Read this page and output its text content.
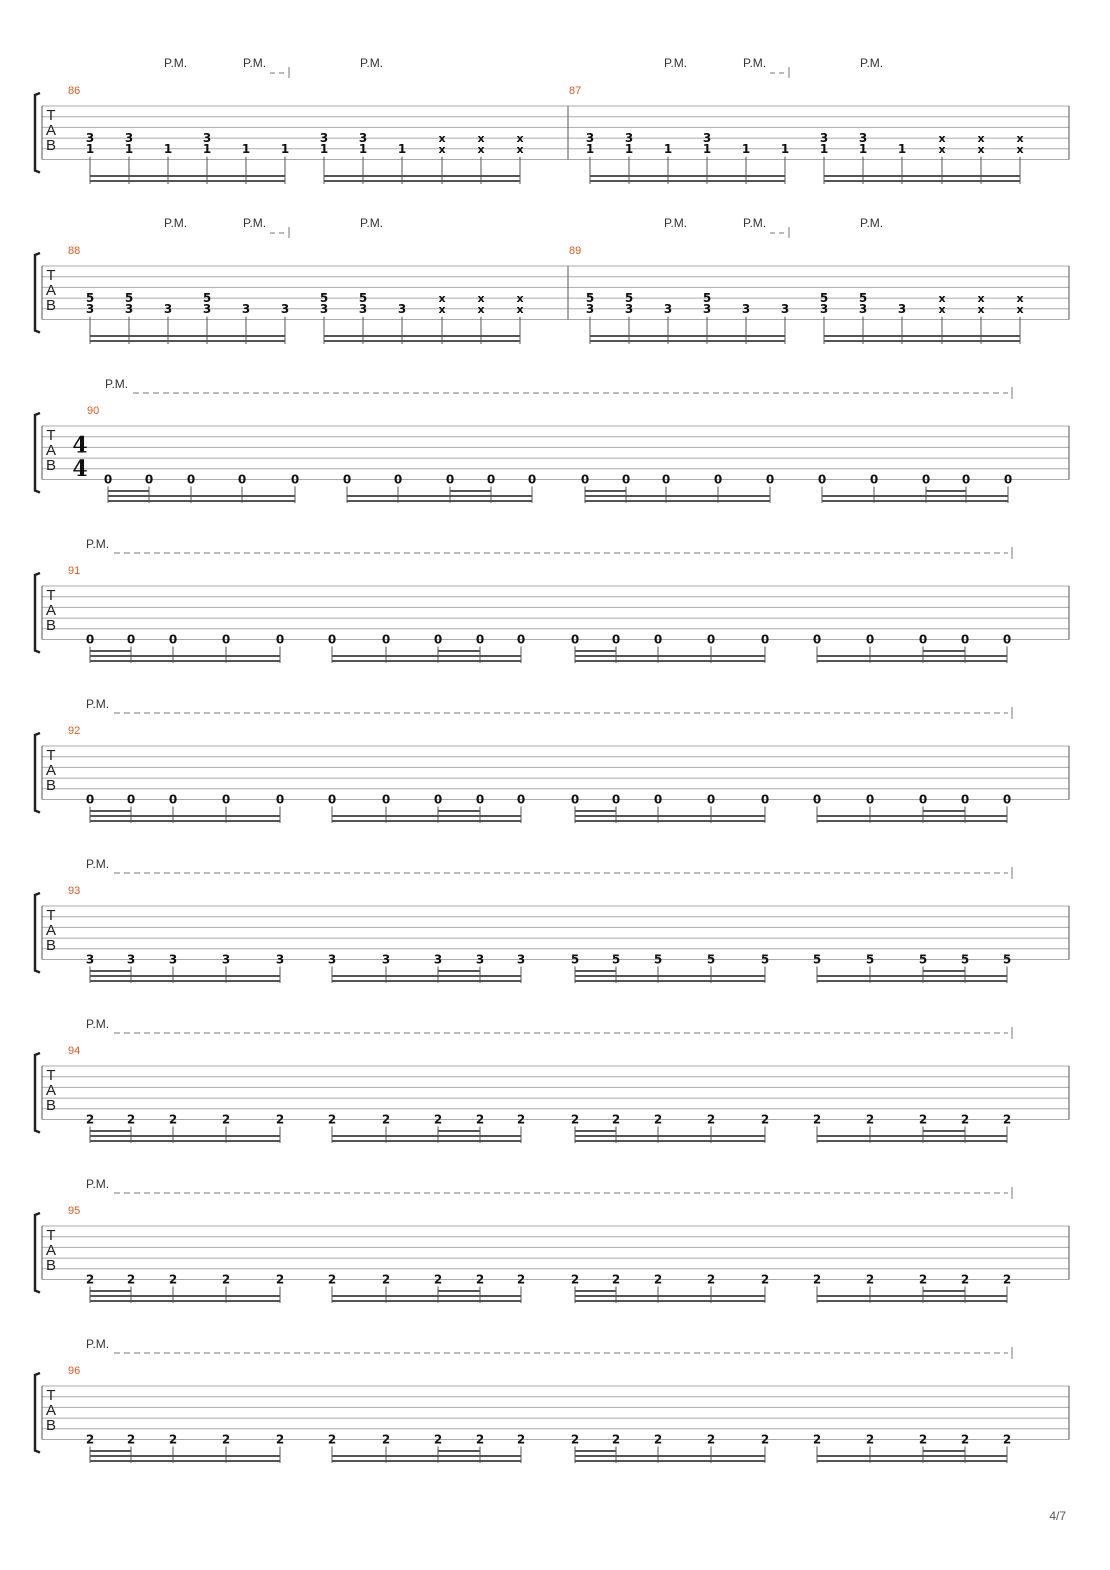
T
A
B
86	87
3
1
3
1	1
3
1	1	1
3
1
3
1	1
x
x
x
x
x
x
P.M.	P.M.	P.M.
3
1
3
1	1
3
1	1	1
3
1
3
1	1
x
x
x
x
x
x
P.M.	P.M.	P.M.
T
A
B
88	89
5
3
5
3	3
5
3	3	3
5
3
5
3	3
x
x
x
x
x
x
P.M.	P.M.	P.M.
5
3
5
3	3
5
3	3	3
5
3
5
3	3
x
x
x
x
x
x
P.M.	P.M.	P.M.
T
A
B
90
4
4 0	0	0	0	0	0	0	0	0	0	0	0	0	0	0	0	0	0	0	0
P.M.
T
A
B
91
0	0	0	0	0	0	0	0	0	0	0	0	0	0	0	0	0	0	0	0
P.M.
T
A
B
92
0	0	0	0	0	0	0	0	0	0	0	0	0	0	0	0	0	0	0	0
P.M.
T
A
B
93
3	3	3	3	3	3	3	3	3	3	5	5	5	5	5	5	5	5	5	5
P.M.
T
A
B
94
2	2	2	2	2	2	2	2	2	2	2	2	2	2	2	2	2	2	2	2
P.M.
T
A
B
95
2	2	2	2	2	2	2	2	2	2	2	2	2	2	2	2	2	2	2	2
P.M.
T
A
B
96
2	2	2	2	2	2	2	2	2	2	2	2	2	2	2	2	2	2	2	2
P.M.
4/7
